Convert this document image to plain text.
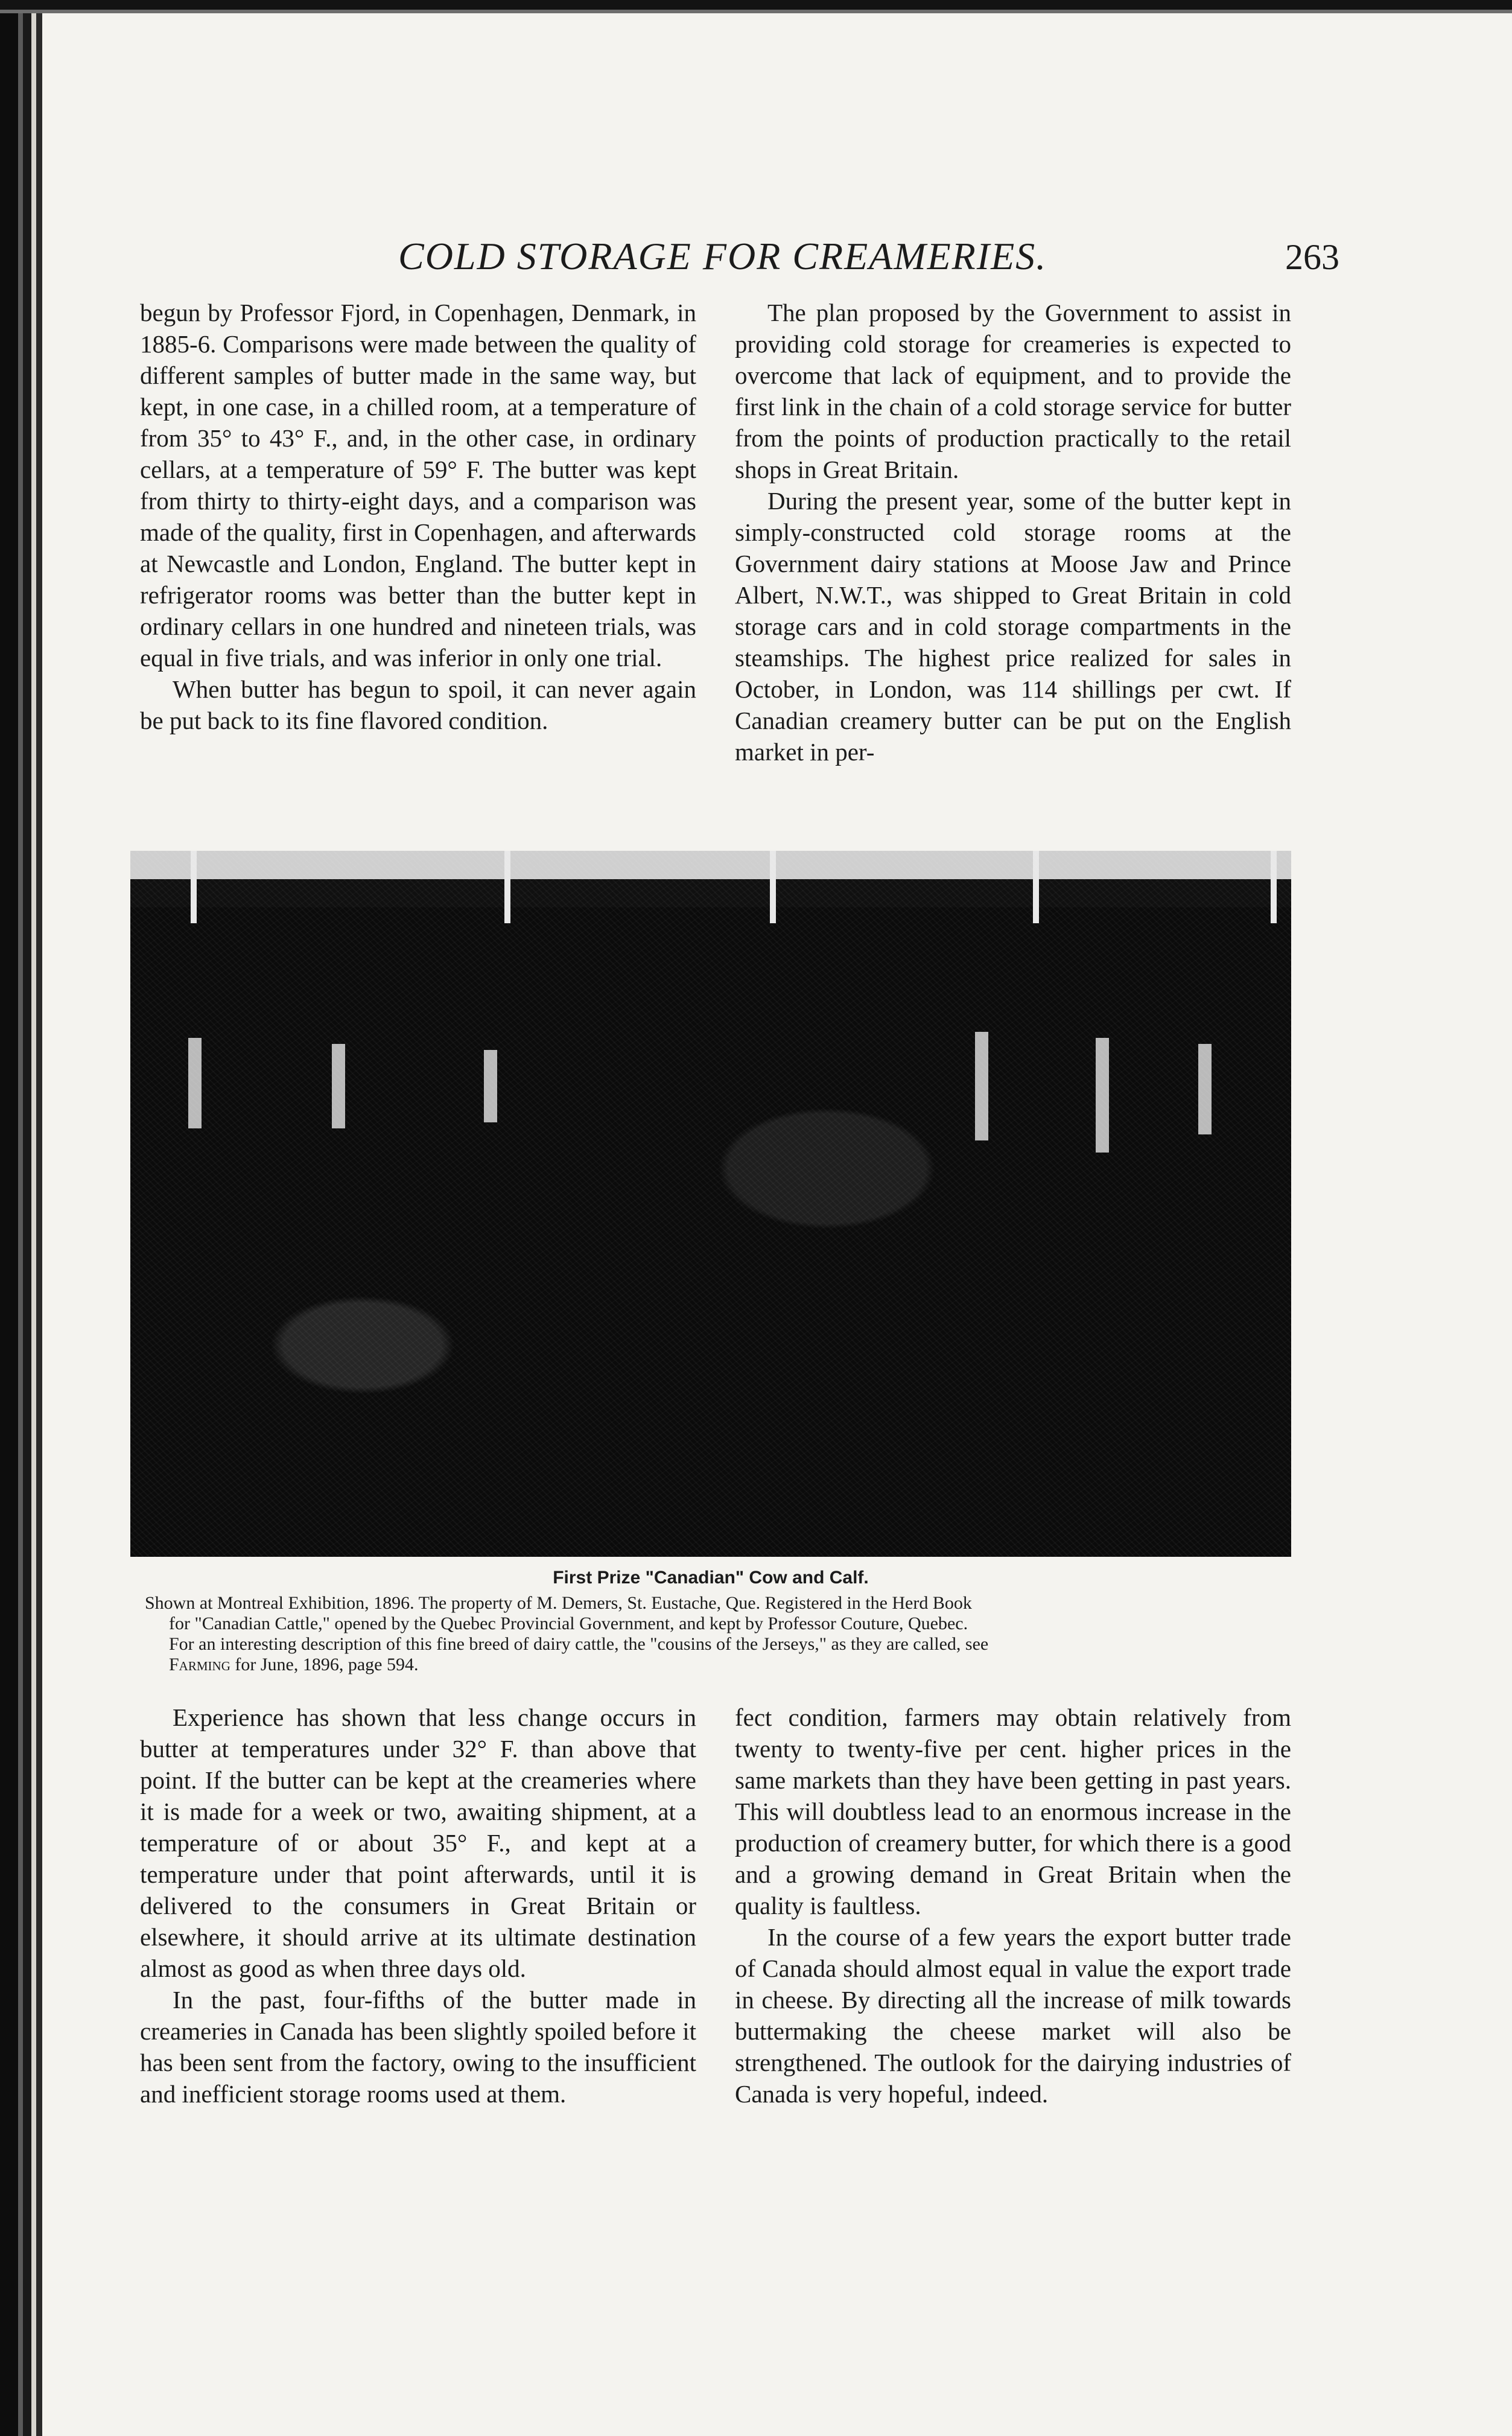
COLD STORAGE FOR CREAMERIES.	263

begun by Professor Fjord, in Copenhagen, Denmark, in 1885-6. Comparisons were made between the quality of different samples of butter made in the same way, but kept, in one case, in a chilled room, at a temperature of from 35° to 43° F., and, in the other case, in ordinary cellars, at a temperature of 59° F. The butter was kept from thirty to thirty-eight days, and a comparison was made of the quality, first in Copenhagen, and afterwards at Newcastle and London, England. The butter kept in refrigerator rooms was better than the butter kept in ordinary cellars in one hundred and nineteen trials, was equal in five trials, and was inferior in only one trial.

When butter has begun to spoil, it can never again be put back to its fine flavored condition.

The plan proposed by the Government to assist in providing cold storage for creameries is expected to overcome that lack of equipment, and to provide the first link in the chain of a cold storage service for butter from the points of production practically to the retail shops in Great Britain.

During the present year, some of the butter kept in simply-constructed cold storage rooms at the Government dairy stations at Moose Jaw and Prince Albert, N.W.T., was shipped to Great Britain in cold storage cars and in cold storage compartments in the steamships. The highest price realized for sales in October, in London, was 114 shillings per cwt. If Canadian creamery butter can be put on the English market in per-

First Prize "Canadian" Cow and Calf.
Shown at Montreal Exhibition, 1896. The property of M. Demers, St. Eustache, Que. Registered in the Herd Book
for "Canadian Cattle," opened by the Quebec Provincial Government, and kept by Professor Couture, Quebec.
For an interesting description of this fine breed of dairy cattle, the "cousins of the Jerseys," as they are called, see
Farming for June, 1896, page 594.

Experience has shown that less change occurs in butter at temperatures under 32° F. than above that point. If the butter can be kept at the creameries where it is made for a week or two, awaiting shipment, at a temperature of or about 35° F., and kept at a temperature under that point afterwards, until it is delivered to the consumers in Great Britain or elsewhere, it should arrive at its ultimate destination almost as good as when three days old.

In the past, four-fifths of the butter made in creameries in Canada has been slightly spoiled before it has been sent from the factory, owing to the insufficient and inefficient storage rooms used at them.

fect condition, farmers may obtain relatively from twenty to twenty-five per cent. higher prices in the same markets than they have been getting in past years. This will doubtless lead to an enormous increase in the production of creamery butter, for which there is a good and a growing demand in Great Britain when the quality is faultless.

In the course of a few years the export butter trade of Canada should almost equal in value the export trade in cheese. By directing all the increase of milk towards buttermaking the cheese market will also be strengthened. The outlook for the dairying industries of Canada is very hopeful, indeed.
